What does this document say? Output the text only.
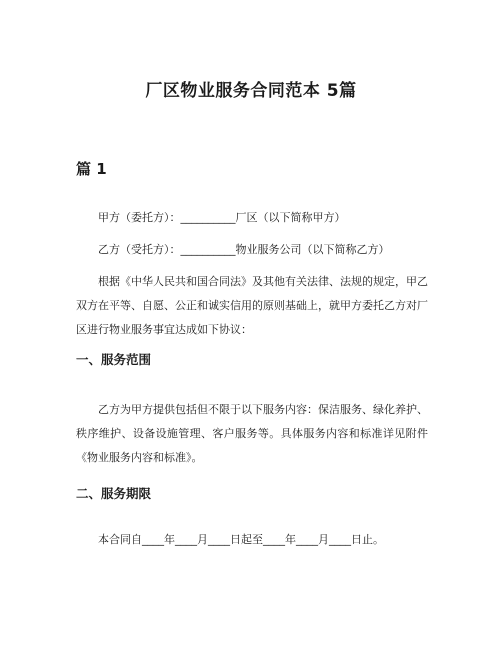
厂区物业服务合同范本 5篇
篇 1

甲方（委托方）：__________厂区（以下简称甲方）

乙方（受托方）：__________物业服务公司（以下简称乙方）

根据《中华人民共和国合同法》及其他有关法律、法规的规定，甲乙双方在平等、自愿、公正和诚实信用的原则基础上，就甲方委托乙方对厂区进行物业服务事宜达成如下协议：

一、服务范围

乙方为甲方提供包括但不限于以下服务内容：保洁服务、绿化养护、秩序维护、设备设施管理、客户服务等。具体服务内容和标准详见附件《物业服务内容和标准》。

二、服务期限

本合同自____年____月____日起至____年____月____日止。
